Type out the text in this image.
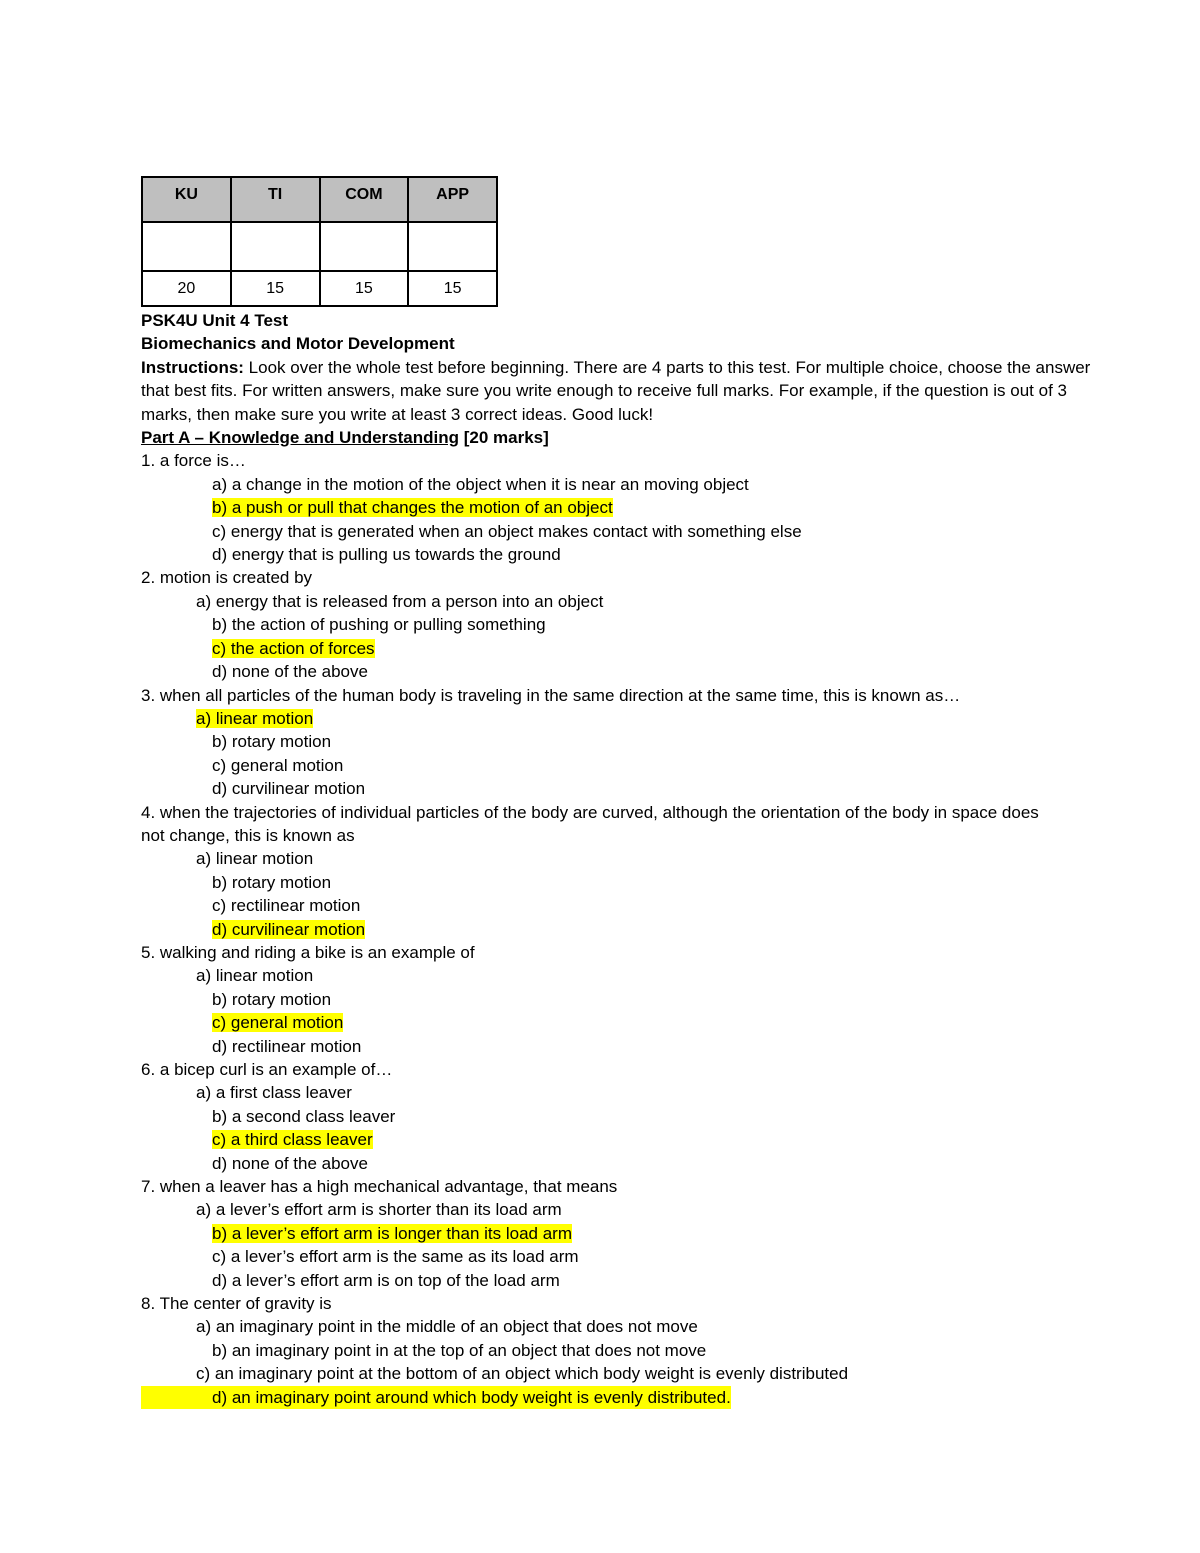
KU	TI	COM	APP

20	15	15	15
PSK4U Unit 4 Test
Biomechanics and Motor Development
Instructions: Look over the whole test before beginning. There are 4 parts to this test. For multiple choice, choose the answer that best fits. For written answers, make sure you write enough to receive full marks. For example, if the question is out of 3 marks, then make sure you write at least 3 correct ideas. Good luck!
Part A – Knowledge and Understanding [20 marks]
1. a force is…
a) a change in the motion of the object when it is near an moving object
b) a push or pull that changes the motion of an object
c) energy that is generated when an object makes contact with something else
d) energy that is pulling us towards the ground
2. motion is created by
a) energy that is released from a person into an object
b) the action of pushing or pulling something
c) the action of forces
d) none of the above
3. when all particles of the human body is traveling in the same direction at the same time, this is known as…
a) linear motion
b) rotary motion
c) general motion
d) curvilinear motion
4. when the trajectories of individual particles of the body are curved, although the orientation of the body in space does not change, this is known as
a) linear motion
b) rotary motion
c) rectilinear motion
d) curvilinear motion
5. walking and riding a bike is an example of
a) linear motion
b) rotary motion
c) general motion
d) rectilinear motion
6. a bicep curl is an example of…
a) a first class leaver
b) a second class leaver
c) a third class leaver
d) none of the above
7. when a leaver has a high mechanical advantage, that means
a) a lever’s effort arm is shorter than its load arm
b) a lever’s effort arm is longer than its load arm
c) a lever’s effort arm is the same as its load arm
d) a lever’s effort arm is on top of the load arm
8. The center of gravity is
a) an imaginary point in the middle of an object that does not move
b) an imaginary point in at the top of an object that does not move
c) an imaginary point at the bottom of an object which body weight is evenly distributed
d) an imaginary point around which body weight is evenly distributed.
